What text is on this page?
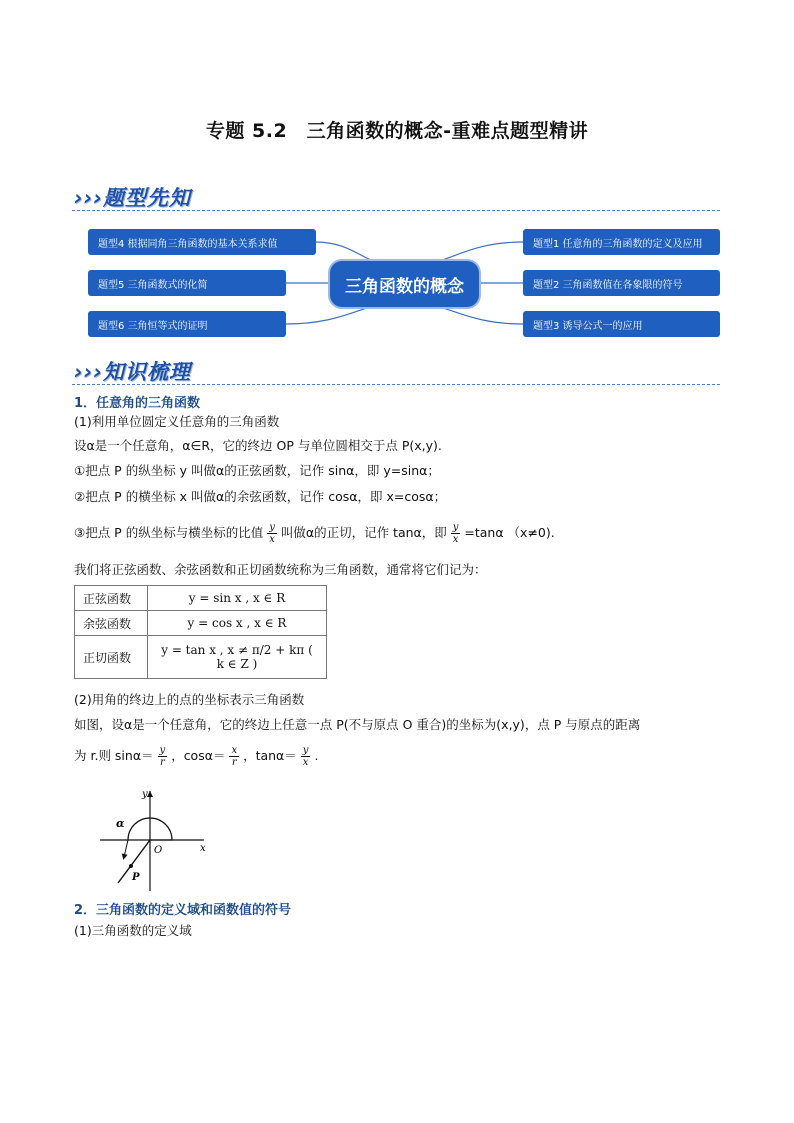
专题 5.2　三角函数的概念-重难点题型精讲
›››题型先知
题型4 根据同角三角函数的基本关系求值
题型5 三角函数式的化简
题型6 三角恒等式的证明
三角函数的概念
题型1 任意角的三角函数的定义及应用
题型2 三角函数值在各象限的符号
题型3 诱导公式一的应用
›››知识梳理
1．任意角的三角函数
(1)利用单位圆定义任意角的三角函数
设α是一个任意角，α∈R，它的终边 OP 与单位圆相交于点 P(x,y).
①把点 P 的纵坐标 y 叫做α的正弦函数，记作 sinα，即 y=sinα；
②把点 P 的横坐标 x 叫做α的余弦函数，记作 cosα，即 x=cosα；
③把点 P 的纵坐标与横坐标的比值 $\frac{y}{x}$ 叫做α的正切，记作 tanα，即 $\frac{y}{x} =\tan\alpha$ （x≠0).
我们将正弦函数、余弦函数和正切函数统称为三角函数，通常将它们记为：
正弦函数	y = sin x , x ∈ R
余弦函数	y = cos x , x ∈ R
正切函数	y = tan x , x ≠ π/2 + kπ ( k ∈ Z )
(2)用角的终边上的点的坐标表示三角函数
如图，设α是一个任意角，它的终边上任意一点 P(不与原点 O 重合)的坐标为(x,y)，点 P 与原点的距离
为 r.则 $\sin\alpha= \frac{y}{r}$ ，$\cos\alpha= \frac{x}{r}$ ，$\tan\alpha= \frac{y}{x}$ .
y
x
O
P
α
2．三角函数的定义域和函数值的符号
(1)三角函数的定义域
